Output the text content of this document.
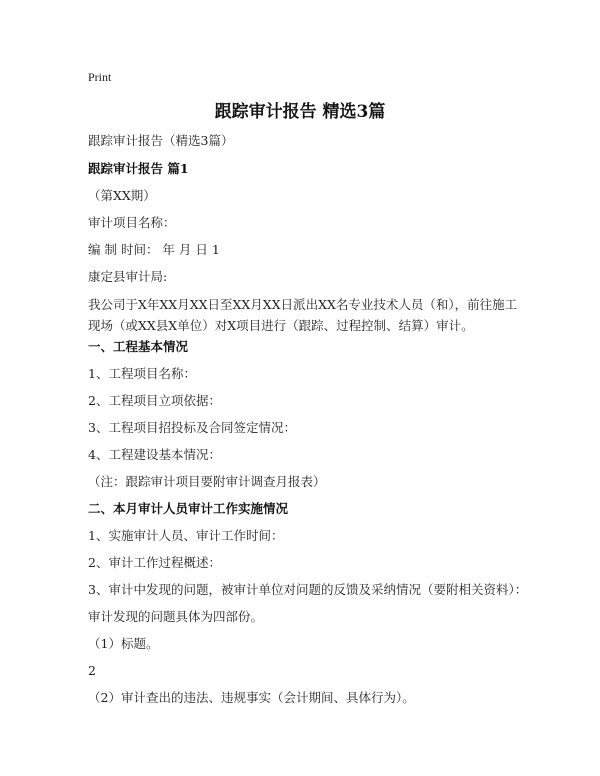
Print
跟踪审计报告 精选3篇
跟踪审计报告（精选3篇）
跟踪审计报告 篇1
（第XX期）
审计项目名称：
编 制 时间： 年 月 日 1
康定县审计局:
我公司于X年XX月XX日至XX月XX日派出XX名专业技术人员（和），前往施工现场（或XX县X单位）对X项目进行（跟踪、过程控制、结算）审计。
一、工程基本情况
1、工程项目名称：
2、工程项目立项依据：
3、工程项目招投标及合同签定情况：
4、工程建设基本情况：
（注：跟踪审计项目要附审计调查月报表）
二、本月审计人员审计工作实施情况
1、实施审计人员、审计工作时间：
2、审计工作过程概述：
3、审计中发现的问题，被审计单位对问题的反馈及采纳情况（要附相关资料）：
审计发现的问题具体为四部份。
（1）标题。
2
（2）审计查出的违法、违规事实（会计期间、具体行为）。
